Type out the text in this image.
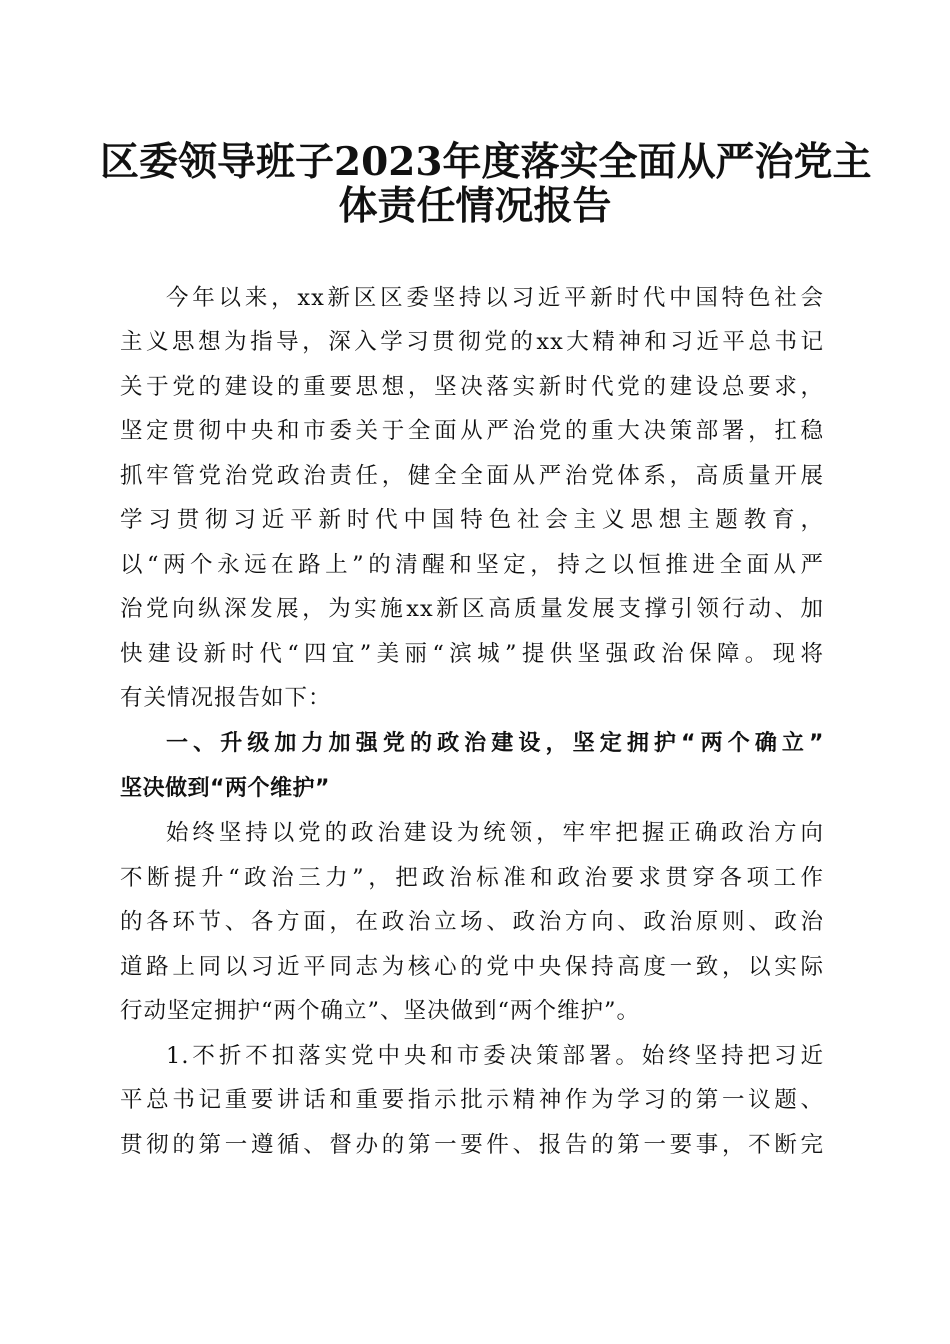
区委领导班子2023年度落实全面从严治党主
体责任情况报告

今年以来，xx新区区委坚持以习近平新时代中国特色社会

主义思想为指导，深入学习贯彻党的xx大精神和习近平总书记

关于党的建设的重要思想，坚决落实新时代党的建设总要求，

坚定贯彻中央和市委关于全面从严治党的重大决策部署，扛稳

抓牢管党治党政治责任，健全全面从严治党体系，高质量开展

学习贯彻习近平新时代中国特色社会主义思想主题教育，

以“两个永远在路上”的清醒和坚定，持之以恒推进全面从严

治党向纵深发展，为实施xx新区高质量发展支撑引领行动、加

快建设新时代“四宜”美丽“滨城”提供坚强政治保障。现将

有关情况报告如下：

一、升级加力加强党的政治建设，坚定拥护“两个确立”

坚决做到“两个维护”

始终坚持以党的政治建设为统领，牢牢把握正确政治方向

不断提升“政治三力”，把政治标准和政治要求贯穿各项工作

的各环节、各方面，在政治立场、政治方向、政治原则、政治

道路上同以习近平同志为核心的党中央保持高度一致，以实际

行动坚定拥护“两个确立”、坚决做到“两个维护”。

1.不折不扣落实党中央和市委决策部署。始终坚持把习近

平总书记重要讲话和重要指示批示精神作为学习的第一议题、

贯彻的第一遵循、督办的第一要件、报告的第一要事，不断完
